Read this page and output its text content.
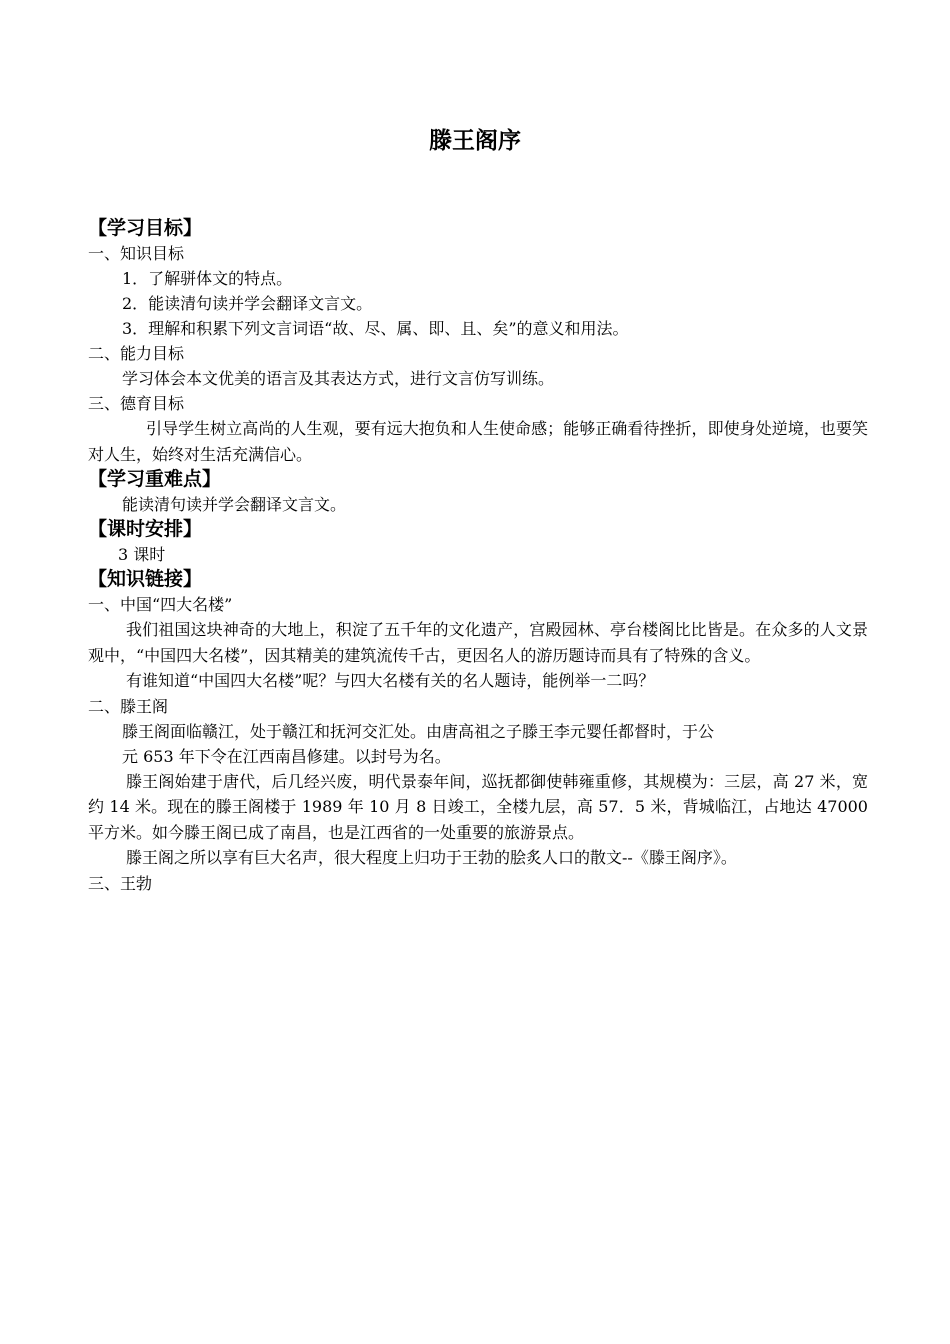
滕王阁序

【学习目标】

一、知识目标

1．了解骈体文的特点。

2．能读清句读并学会翻译文言文。

3．理解和积累下列文言词语“故、尽、属、即、且、矣”的意义和用法。

二、能力目标

学习体会本文优美的语言及其表达方式，进行文言仿写训练。

三、德育目标

引导学生树立高尚的人生观，要有远大抱负和人生使命感；能够正确看待挫折，即使身处逆境，也要笑对人生，始终对生活充满信心。

【学习重难点】

能读清句读并学会翻译文言文。

【课时安排】

3 课时

【知识链接】

一、中国“四大名楼”

我们祖国这块神奇的大地上，积淀了五千年的文化遗产，宫殿园林、亭台楼阁比比皆是。在众多的人文景观中，“中国四大名楼”，因其精美的建筑流传千古，更因名人的游历题诗而具有了特殊的含义。

有谁知道“中国四大名楼”呢？与四大名楼有关的名人题诗，能例举一二吗？

二、滕王阁

滕王阁面临赣江，处于赣江和抚河交汇处。由唐高祖之子滕王李元婴任都督时，于公

元 653 年下令在江西南昌修建。以封号为名。

滕王阁始建于唐代，后几经兴废，明代景泰年间，巡抚都御使韩雍重修，其规模为：三层，高 27 米，宽约 14 米。现在的滕王阁楼于 1989 年 10 月 8 日竣工，全楼九层，高 57．5 米，背城临江，占地达 47000 平方米。如今滕王阁已成了南昌，也是江西省的一处重要的旅游景点。

滕王阁之所以享有巨大名声，很大程度上归功于王勃的脍炙人口的散文--《滕王阁序》。

三、王勃
